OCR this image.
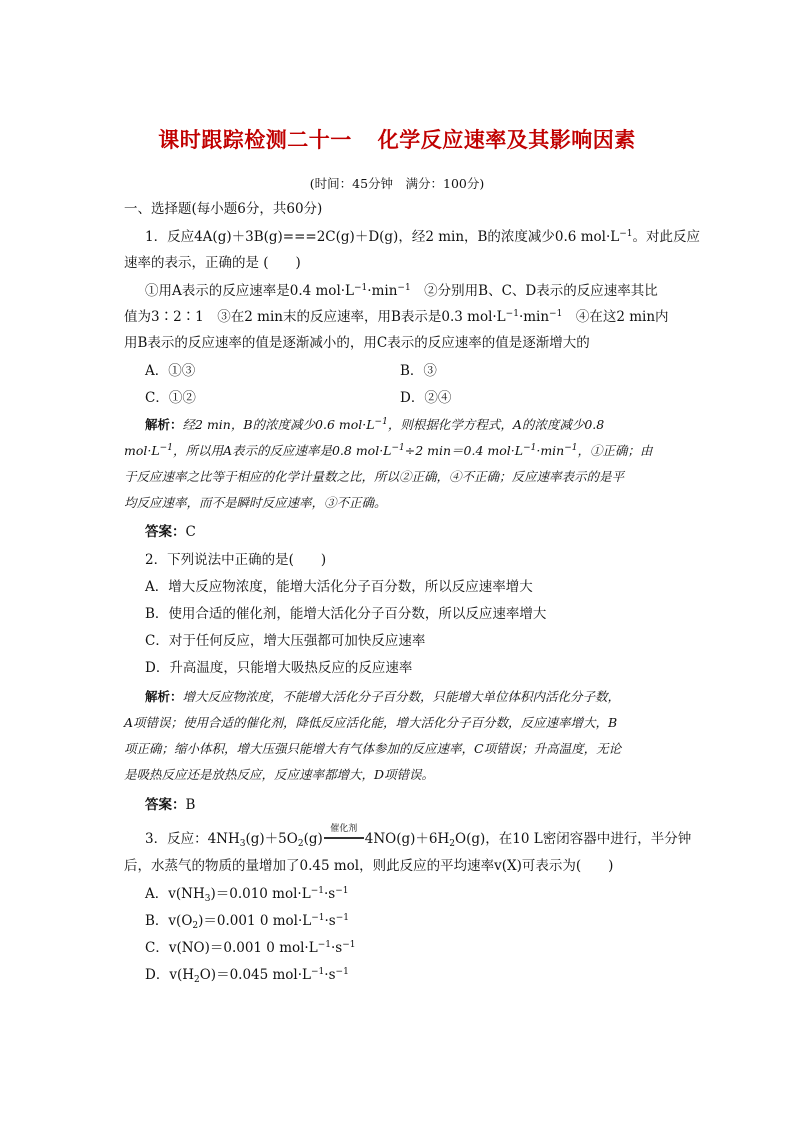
课时跟踪检测二十一 化学反应速率及其影响因素
(时间：45分钟　满分：100分)
一、选择题(每小题6分，共60分)
1．反应4A(g)＋3B(g)===2C(g)＋D(g)，经2 min，B的浓度减少0.6 $mol\cdot L^{-1}$。对此反应
速率的表示，正确的是 (　　)
①用A表示的反应速率是0.4 $mol\cdot L^{-1}\cdot\min^{-1}$　②分别用B、C、D表示的反应速率其比
值为3∶2∶1　③在2 min末的反应速率，用B表示是0.3 $mol\cdot L^{-1}\cdot\min^{-1}$　④在这2 min内
用B表示的反应速率的值是逐渐减小的，用C表示的反应速率的值是逐渐增大的
A．①③	B．③
C．①②	D．②④
解析：经2 min，B的浓度减少0.6 $mol\cdot L^{-1}$，则根据化学方程式，A的浓度减少0.8
$mol\cdot L^{-1}$，所以用A表示的反应速率是0.8 $mol\cdot L^{-1}\div 2$ min＝0.4 $mol\cdot L^{-1}\cdot\min^{-1}$，①正确；由
于反应速率之比等于相应的化学计量数之比，所以②正确，④不正确；反应速率表示的是平
均反应速率，而不是瞬时反应速率，③不正确。
答案：C
2．下列说法中正确的是(　　)
A．增大反应物浓度，能增大活化分子百分数，所以反应速率增大
B．使用合适的催化剂，能增大活化分子百分数，所以反应速率增大
C．对于任何反应，增大压强都可加快反应速率
D．升高温度，只能增大吸热反应的反应速率
解析：增大反应物浓度，不能增大活化分子百分数，只能增大单位体积内活化分子数，
A项错误；使用合适的催化剂，降低反应活化能，增大活化分子百分数，反应速率增大，B
项正确；缩小体积，增大压强只能增大有气体参加的反应速率，C项错误；升高温度，无论
是吸热反应还是放热反应，反应速率都增大，D项错误。
答案：B
3．反应：$4NH_3(g)+5O_2(g)$
催化剂
$4NO(g)+6H_2O(g)$，在10 L密闭容器中进行，半分钟
后，水蒸气的物质的量增加了0.45 mol，则此反应的平均速率v(X)可表示为(　　)
A．$v(NH_3)=0.010$ $mol\cdot L^{-1}\cdot s^{-1}$
B．$v(O_2)=0.001$ 0 $mol\cdot L^{-1}\cdot s^{-1}$
C．v(NO)＝0.001 0 $mol\cdot L^{-1}\cdot s^{-1}$
D．$v(H_2O)=0.045$ $mol\cdot L^{-1}\cdot s^{-1}$
